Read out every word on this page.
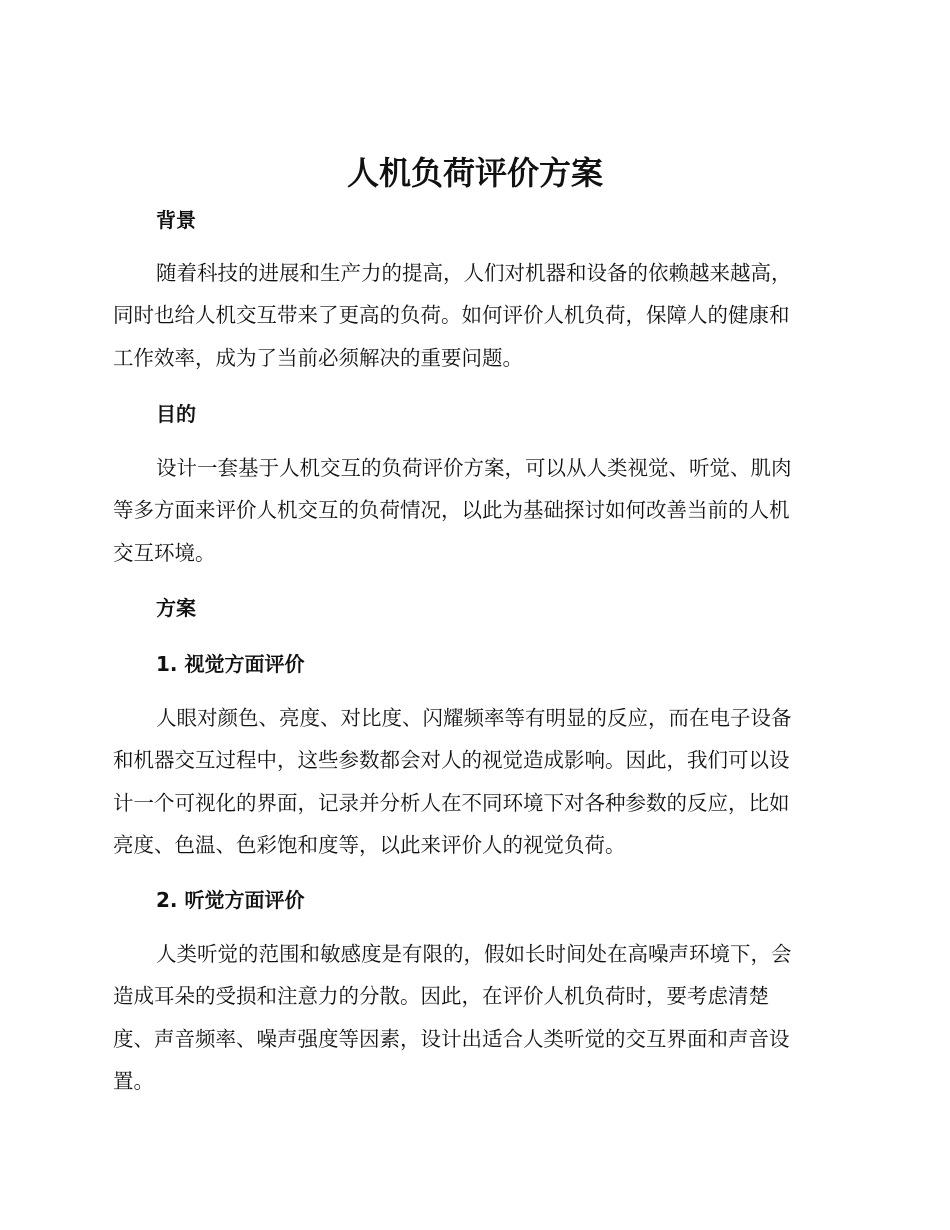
人机负荷评价方案
背景
随着科技的进展和生产力的提高，人们对机器和设备的依赖越来越高，
同时也给人机交互带来了更高的负荷。如何评价人机负荷，保障人的健康和
工作效率，成为了当前必须解决的重要问题。
目的
设计一套基于人机交互的负荷评价方案，可以从人类视觉、听觉、肌肉
等多方面来评价人机交互的负荷情况，以此为基础探讨如何改善当前的人机
交互环境。
方案
1. 视觉方面评价
人眼对颜色、亮度、对比度、闪耀频率等有明显的反应，而在电子设备
和机器交互过程中，这些参数都会对人的视觉造成影响。因此，我们可以设
计一个可视化的界面，记录并分析人在不同环境下对各种参数的反应，比如
亮度、色温、色彩饱和度等，以此来评价人的视觉负荷。
2. 听觉方面评价
人类听觉的范围和敏感度是有限的，假如长时间处在高噪声环境下，会
造成耳朵的受损和注意力的分散。因此，在评价人机负荷时，要考虑清楚
度、声音频率、噪声强度等因素，设计出适合人类听觉的交互界面和声音设
置。
